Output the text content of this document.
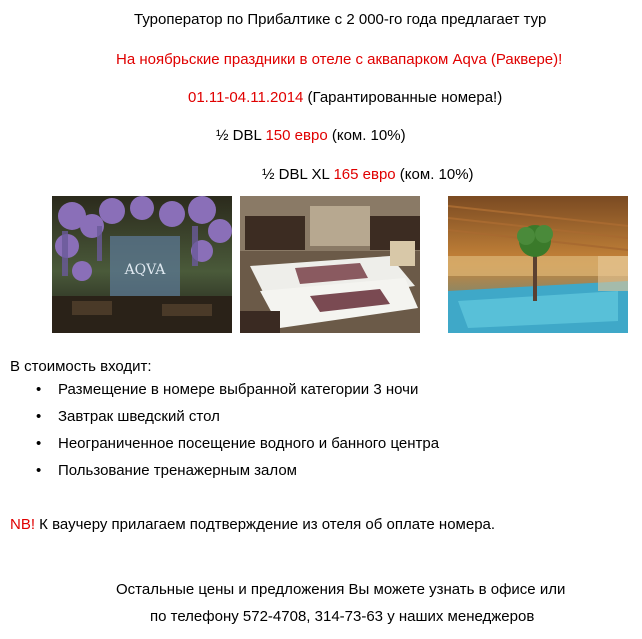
Туроператор по Прибалтике с 2 000-го года предлагает тур
На ноябрьские праздники в отеле с аквапарком Aqva (Раквере)!
01.11-04.11.2014 (Гарантированные номера!)
½ DBL 150 евро (ком. 10%)
½ DBL XL 165 евро (ком. 10%)
AQVA
В стоимость входит:
• Размещение в номере выбранной категории 3 ночи
• Завтрак шведский стол
• Неограниченное посещение водного и банного центра
• Пользование тренажерным залом
NB! К ваучеру прилагаем подтверждение из отеля об оплате номера.
Остальные цены и предложения Вы можете узнать в офисе или
по телефону 572-4708, 314-73-63 у наших менеджеров
